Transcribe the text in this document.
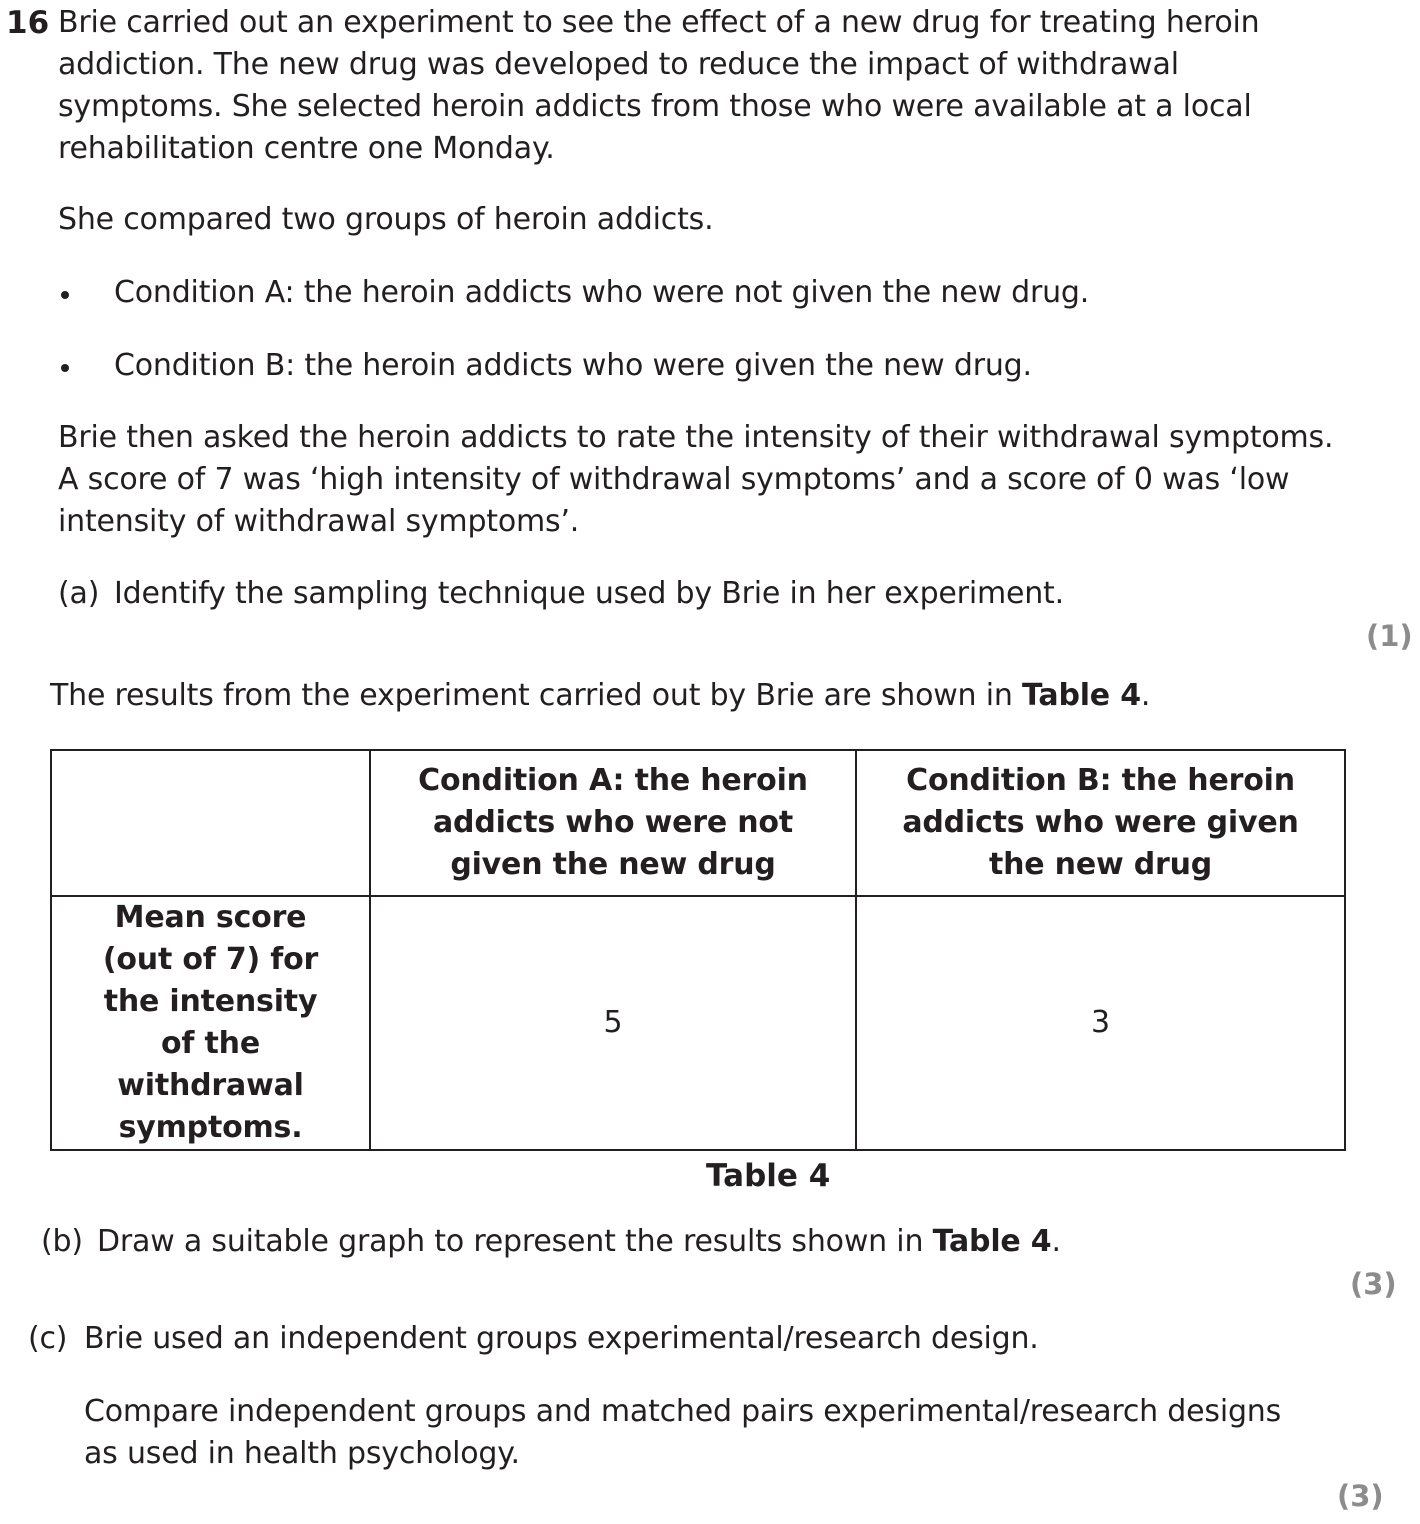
16 Brie carried out an experiment to see the effect of a new drug for treating heroin
addiction. The new drug was developed to reduce the impact of withdrawal
symptoms. She selected heroin addicts from those who were available at a local
rehabilitation centre one Monday.
She compared two groups of heroin addicts.
Condition A: the heroin addicts who were not given the new drug.
Condition B: the heroin addicts who were given the new drug.
Brie then asked the heroin addicts to rate the intensity of their withdrawal symptoms.
A score of 7 was ‘high intensity of withdrawal symptoms’ and a score of 0 was ‘low
intensity of withdrawal symptoms’.
(a) Identify the sampling technique used by Brie in her experiment.
(1)
The results from the experiment carried out by Brie are shown in Table 4.
	Condition A: the heroin addicts who were not given the new drug	Condition B: the heroin addicts who were given the new drug
Mean score (out of 7) for the intensity of the withdrawal symptoms.	5	3
Table 4
(b) Draw a suitable graph to represent the results shown in Table 4.
(3)
(c) Brie used an independent groups experimental/research design.
Compare independent groups and matched pairs experimental/research designs
as used in health psychology.
(3)
